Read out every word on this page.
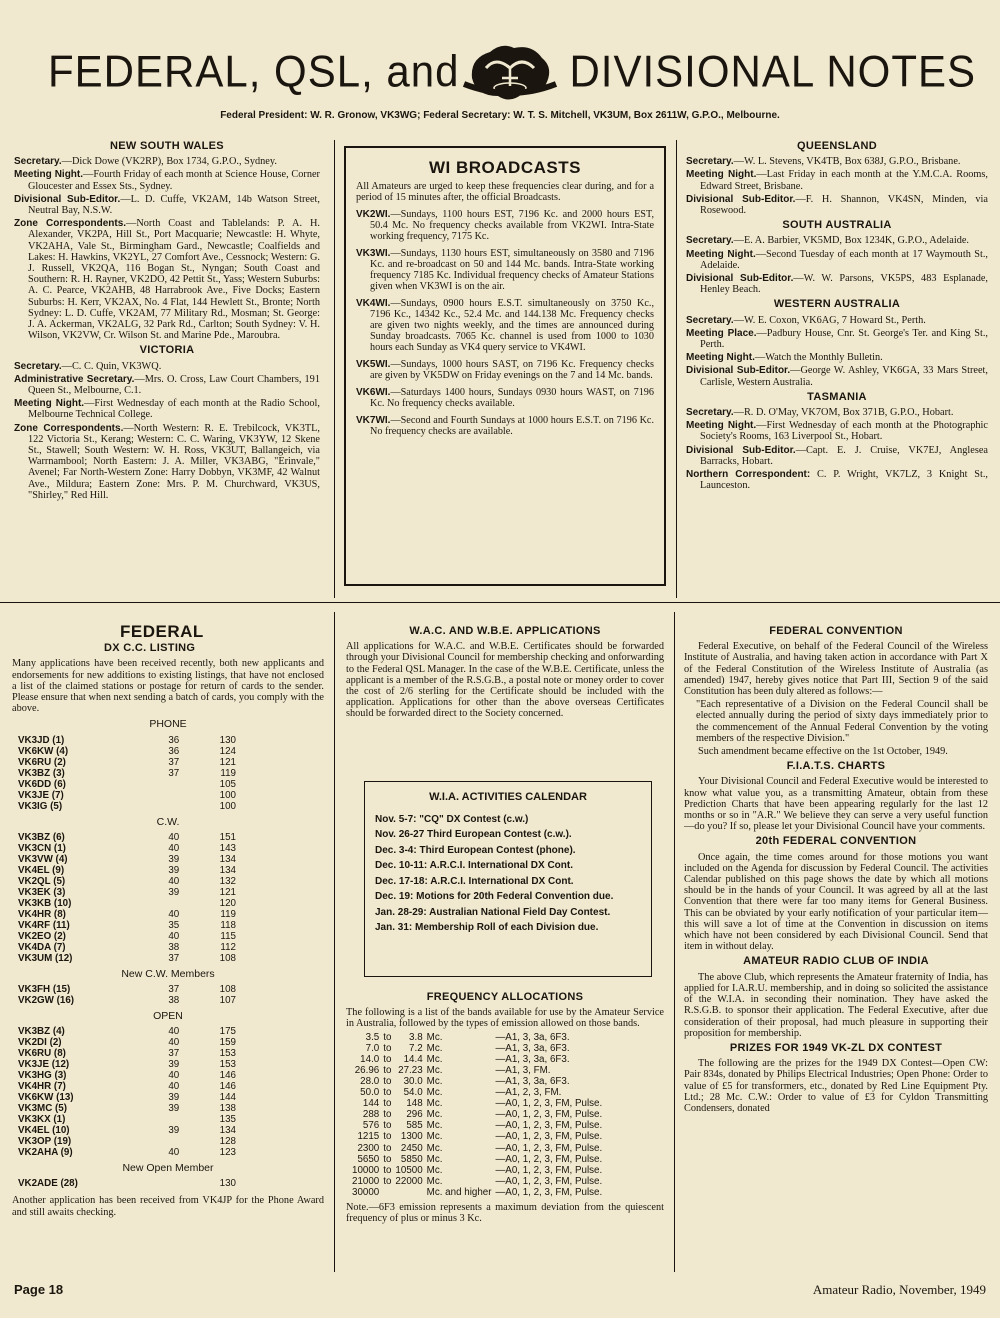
FEDERAL, QSL, and	DIVISIONAL NOTES
Federal President: W. R. Gronow, VK3WG; Federal Secretary: W. T. S. Mitchell, VK3UM, Box 2611W, G.P.O., Melbourne.
NEW SOUTH WALES

Secretary.—Dick Dowe (VK2RP), Box 1734, G.P.O., Sydney.

Meeting Night.—Fourth Friday of each month at Science House, Corner Gloucester and Essex Sts., Sydney.

Divisional Sub-Editor.—L. D. Cuffe, VK2AM, 14b Watson Street, Neutral Bay, N.S.W.

Zone Correspondents.—North Coast and Tablelands: P. A. H. Alexander, VK2PA, Hill St., Port Macquarie; Newcastle: H. Whyte, VK2AHA, Vale St., Birmingham Gard., Newcastle; Coalfields and Lakes: H. Hawkins, VK2YL, 27 Comfort Ave., Cessnock; Western: G. J. Russell, VK2QA, 116 Bogan St., Nyngan; South Coast and Southern: R. H. Rayner, VK2DO, 42 Pettit St., Yass; Western Suburbs: A. C. Pearce, VK2AHB, 48 Harrabrook Ave., Five Docks; Eastern Suburbs: H. Kerr, VK2AX, No. 4 Flat, 144 Hewlett St., Bronte; North Sydney: L. D. Cuffe, VK2AM, 77 Military Rd., Mosman; St. George: J. A. Ackerman, VK2ALG, 32 Park Rd., Carlton; South Sydney: V. H. Wilson, VK2VW, Cr. Wilson St. and Marine Pde., Maroubra.

VICTORIA

Secretary.—C. C. Quin, VK3WQ.

Administrative Secretary.—Mrs. O. Cross, Law Court Chambers, 191 Queen St., Melbourne, C.1.

Meeting Night.—First Wednesday of each month at the Radio School, Melbourne Technical College.

Zone Correspondents.—North Western: R. E. Trebilcock, VK3TL, 122 Victoria St., Kerang; Western: C. C. Waring, VK3YW, 12 Skene St., Stawell; South Western: W. H. Ross, VK3UT, Ballangeich, via Warrnambool; North Eastern: J. A. Miller, VK3ABG, "Erinvale," Avenel; Far North-Western Zone: Harry Dobbyn, VK3MF, 42 Walnut Ave., Mildura; Eastern Zone: Mrs. P. M. Churchward, VK3US, "Shirley," Red Hill.

WI BROADCASTS

All Amateurs are urged to keep these frequencies clear during, and for a period of 15 minutes after, the official Broadcasts.

VK2WI.—Sundays, 1100 hours EST, 7196 Kc. and 2000 hours EST, 50.4 Mc. No frequency checks available from VK2WI. Intra-State working frequency, 7175 Kc.

VK3WI.—Sundays, 1130 hours EST, simultaneously on 3580 and 7196 Kc. and re-broadcast on 50 and 144 Mc. bands. Intra-State working frequency 7185 Kc. Individual frequency checks of Amateur Stations given when VK3WI is on the air.

VK4WI.—Sundays, 0900 hours E.S.T. simultaneously on 3750 Kc., 7196 Kc., 14342 Kc., 52.4 Mc. and 144.138 Mc. Frequency checks are given two nights weekly, and the times are announced during Sunday broadcasts. 7065 Kc. channel is used from 1000 to 1030 hours each Sunday as VK4 query service to VK4WI.

VK5WI.—Sundays, 1000 hours SAST, on 7196 Kc. Frequency checks are given by VK5DW on Friday evenings on the 7 and 14 Mc. bands.

VK6WI.—Saturdays 1400 hours, Sundays 0930 hours WAST, on 7196 Kc. No frequency checks available.

VK7WI.—Second and Fourth Sundays at 1000 hours E.S.T. on 7196 Kc. No frequency checks are available.

QUEENSLAND

Secretary.—W. L. Stevens, VK4TB, Box 638J, G.P.O., Brisbane.

Meeting Night.—Last Friday in each month at the Y.M.C.A. Rooms, Edward Street, Brisbane.

Divisional Sub-Editor.—F. H. Shannon, VK4SN, Minden, via Rosewood.

SOUTH AUSTRALIA

Secretary.—E. A. Barbier, VK5MD, Box 1234K, G.P.O., Adelaide.

Meeting Night.—Second Tuesday of each month at 17 Waymouth St., Adelaide.

Divisional Sub-Editor.—W. W. Parsons, VK5PS, 483 Esplanade, Henley Beach.

WESTERN AUSTRALIA

Secretary.—W. E. Coxon, VK6AG, 7 Howard St., Perth.

Meeting Place.—Padbury House, Cnr. St. George's Ter. and King St., Perth.

Meeting Night.—Watch the Monthly Bulletin.

Divisional Sub-Editor.—George W. Ashley, VK6GA, 33 Mars Street, Carlisle, Western Australia.

TASMANIA

Secretary.—R. D. O'May, VK7OM, Box 371B, G.P.O., Hobart.

Meeting Night.—First Wednesday of each month at the Photographic Society's Rooms, 163 Liverpool St., Hobart.

Divisional Sub-Editor.—Capt. E. J. Cruise, VK7EJ, Anglesea Barracks, Hobart.

Northern Correspondent: C. P. Wright, VK7LZ, 3 Knight St., Launceston.

FEDERAL
DX C.C. LISTING

Many applications have been received recently, both new applicants and endorsements for new additions to existing listings, that have not enclosed a list of the claimed stations or postage for return of cards to the sender. Please ensure that when next sending a batch of cards, you comply with the above.

PHONE
VK3JD (1)	36	130
VK6KW (4)	36	124
VK6RU (2)	37	121
VK3BZ (3)	37	119
VK6DD (6)		105
VK3JE (7)		100
VK3IG (5)		100
C.W.
VK3BZ (6)	40	151
VK3CN (1)	40	143
VK3VW (4)	39	134
VK4EL (9)	39	134
VK2QL (5)	40	132
VK3EK (3)	39	121
VK3KB (10)		120
VK4HR (8)	40	119
VK4RF (11)	35	118
VK2EO (2)	40	115
VK4DA (7)	38	112
VK3UM (12)	37	108
New C.W. Members
VK3FH (15)	37	108
VK2GW (16)	38	107
OPEN
VK3BZ (4)	40	175
VK2DI (2)	40	159
VK6RU (8)	37	153
VK3JE (12)	39	153
VK3HG (3)	40	146
VK4HR (7)	40	146
VK6KW (13)	39	144
VK3MC (5)	39	138
VK3KX (1)		135
VK4EL (10)	39	134
VK3OP (19)		128
VK2AHA (9)	40	123
New Open Member
VK2ADE (28)		130

Another application has been received from VK4JP for the Phone Award and still awaits checking.

W.A.C. AND W.B.E. APPLICATIONS

All applications for W.A.C. and W.B.E. Certificates should be forwarded through your Divisional Council for membership checking and onforwarding to the Federal QSL Manager. In the case of the W.B.E. Certificate, unless the applicant is a member of the R.S.G.B., a postal note or money order to cover the cost of 2/6 sterling for the Certificate should be included with the application. Applications for other than the above overseas Certificates should be forwarded direct to the Society concerned.

W.I.A. ACTIVITIES CALENDAR
Nov. 5-7: "CQ" DX Contest (c.w.)
Nov. 26-27 Third European Contest (c.w.).
Dec. 3-4: Third European Contest (phone).
Dec. 10-11: A.R.C.I. International DX Cont.
Dec. 17-18: A.R.C.I. International DX Cont.
Dec. 19: Motions for 20th Federal Convention due.
Jan. 28-29: Australian National Field Day Contest.
Jan. 31: Membership Roll of each Division due.
FREQUENCY ALLOCATIONS

The following is a list of the bands available for use by the Amateur Service in Australia, followed by the types of emission allowed on those bands.

3.5	to	3.8	Mc.	—A1, 3, 3a, 6F3.
7.0	to	7.2	Mc.	—A1, 3, 3a, 6F3.
14.0	to	14.4	Mc.	—A1, 3, 3a, 6F3.
26.96	to	27.23	Mc.	—A1, 3, FM.
28.0	to	30.0	Mc.	—A1, 3, 3a, 6F3.
50.0	to	54.0	Mc.	—A1, 2, 3, FM.
144	to	148	Mc.	—A0, 1, 2, 3, FM, Pulse.
288	to	296	Mc.	—A0, 1, 2, 3, FM, Pulse.
576	to	585	Mc.	—A0, 1, 2, 3, FM, Pulse.
1215	to	1300	Mc.	—A0, 1, 2, 3, FM, Pulse.
2300	to	2450	Mc.	—A0, 1, 2, 3, FM, Pulse.
5650	to	5850	Mc.	—A0, 1, 2, 3, FM, Pulse.
10000	to	10500	Mc.	—A0, 1, 2, 3, FM, Pulse.
21000	to	22000	Mc.	—A0, 1, 2, 3, FM, Pulse.
30000			Mc. and higher	—A0, 1, 2, 3, FM, Pulse.

Note.—6F3 emission represents a maximum deviation from the quiescent frequency of plus or minus 3 Kc.

FEDERAL CONVENTION

Federal Executive, on behalf of the Federal Council of the Wireless Institute of Australia, and having taken action in accordance with Part X of the Federal Constitution of the Wireless Institute of Australia (as amended) 1947, hereby gives notice that Part III, Section 9 of the said Constitution has been duly altered as follows:—

"Each representative of a Division on the Federal Council shall be elected annually during the period of sixty days immediately prior to the commencement of the Annual Federal Convention by the voting members of the respective Division."

Such amendment became effective on the 1st October, 1949.

F.I.A.T.S. CHARTS

Your Divisional Council and Federal Executive would be interested to know what value you, as a transmitting Amateur, obtain from these Prediction Charts that have been appearing regularly for the last 12 months or so in "A.R." We believe they can serve a very useful function—do you? If so, please let your Divisional Council have your comments.

20th FEDERAL CONVENTION

Once again, the time comes around for those motions you want included on the Agenda for discussion by Federal Council. The activities Calendar published on this page shows the date by which all motions should be in the hands of your Council. It was agreed by all at the last Convention that there were far too many items for General Business. This can be obviated by your early notification of your particular item—this will save a lot of time at the Convention in discussion on items which have not been considered by each Divisional Council. Send that item in without delay.

AMATEUR RADIO CLUB OF INDIA

The above Club, which represents the Amateur fraternity of India, has applied for I.A.R.U. membership, and in doing so solicited the assistance of the W.I.A. in seconding their nomination. They have asked the R.S.G.B. to sponsor their application. The Federal Executive, after due consideration of their proposal, had much pleasure in supporting their proposition for membership.

PRIZES FOR 1949 VK-ZL DX CONTEST

The following are the prizes for the 1949 DX Contest—Open CW: Pair 834s, donated by Philips Electrical Industries; Open Phone: Order to value of £5 for transformers, etc., donated by Red Line Equipment Pty. Ltd.; 28 Mc. C.W.: Order to value of £3 for Cyldon Transmitting Condensers, donated

Page 18	Amateur Radio, November, 1949
